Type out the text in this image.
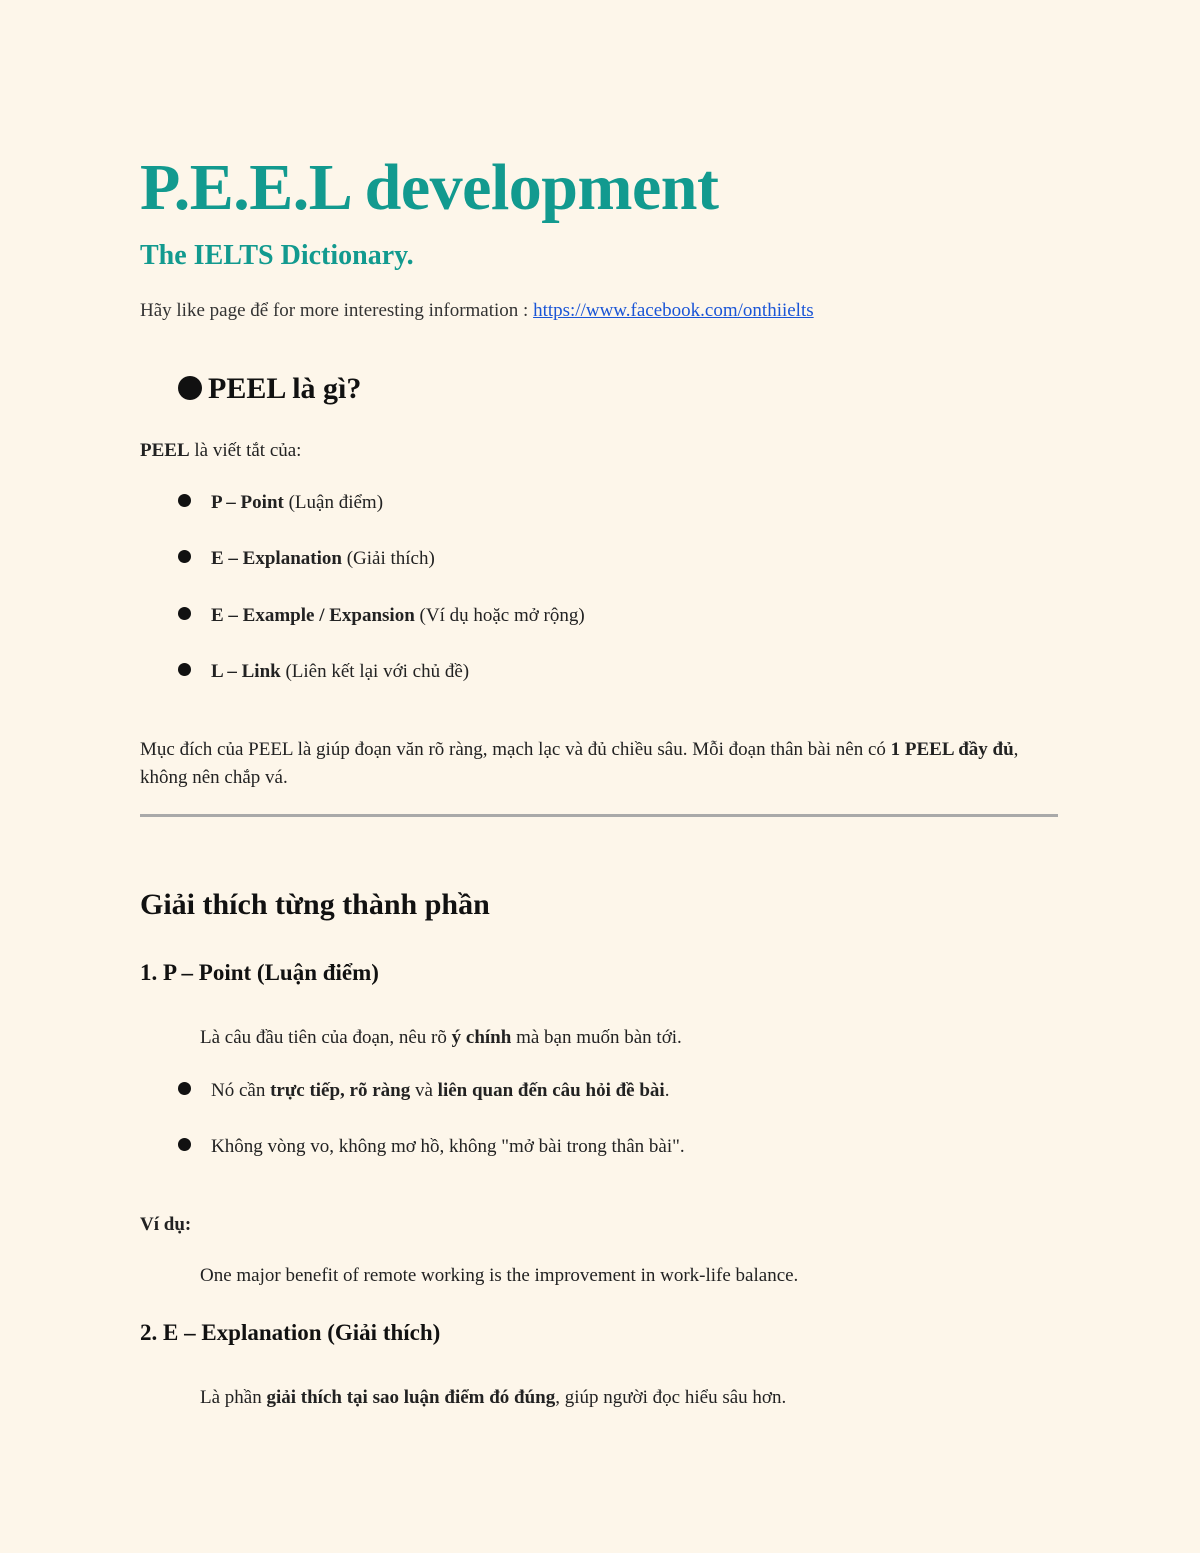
P.E.E.L development
The IELTS Dictionary.
Hãy like page để for more interesting information : https://www.facebook.com/onthiielts
PEEL là gì?
PEEL là viết tắt của:
P – Point (Luận điểm)
E – Explanation (Giải thích)
E – Example / Expansion (Ví dụ hoặc mở rộng)
L – Link (Liên kết lại với chủ đề)
Mục đích của PEEL là giúp đoạn văn rõ ràng, mạch lạc và đủ chiều sâu. Mỗi đoạn thân bài nên có 1 PEEL đầy đủ, không nên chắp vá.
Giải thích từng thành phần
1. P – Point (Luận điểm)
Là câu đầu tiên của đoạn, nêu rõ ý chính mà bạn muốn bàn tới.
Nó cần trực tiếp, rõ ràng và liên quan đến câu hỏi đề bài.
Không vòng vo, không mơ hồ, không "mở bài trong thân bài".
Ví dụ:
One major benefit of remote working is the improvement in work-life balance.
2. E – Explanation (Giải thích)
Là phần giải thích tại sao luận điểm đó đúng, giúp người đọc hiểu sâu hơn.
